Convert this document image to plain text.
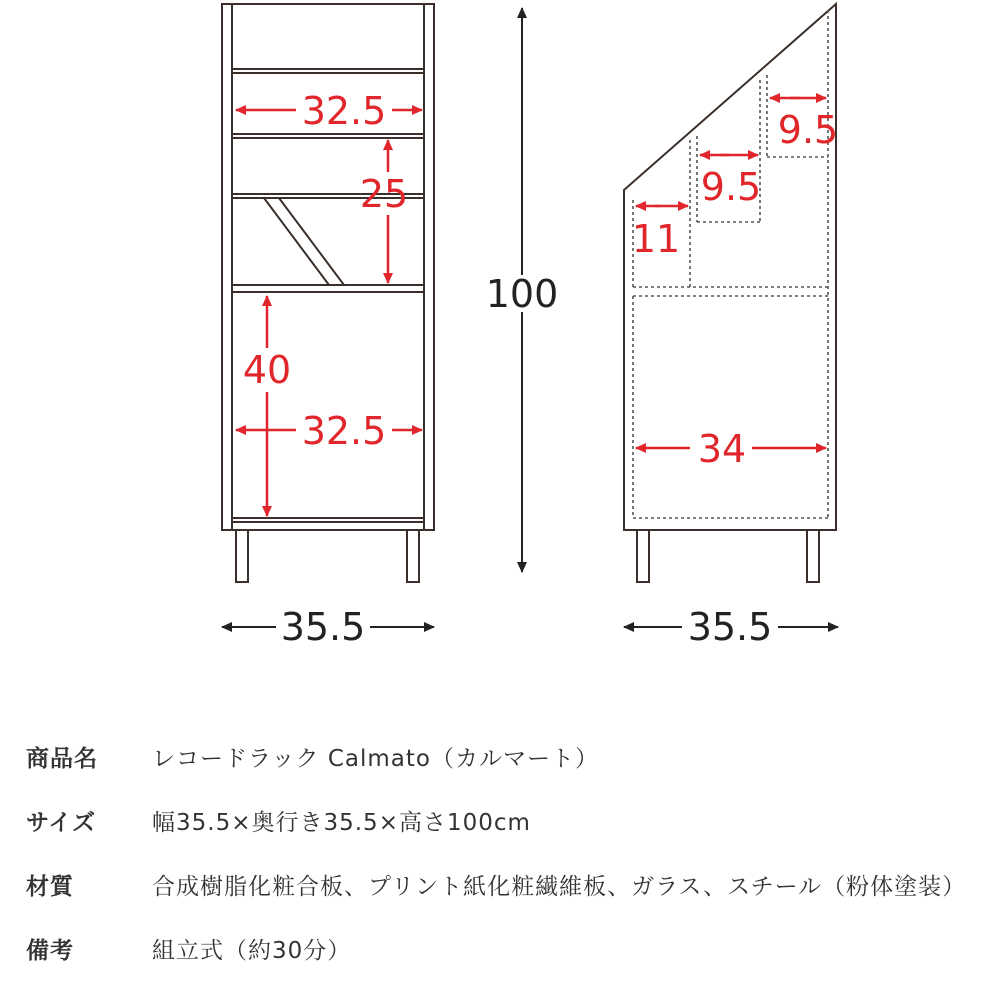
32.5
25
40
32.5
100
35.5
9.5
9.5
11
34
35.5
商品名	レコードラック Calmato（カルマート）
サイズ	幅35.5×奥行き35.5×高さ100cm
材質	合成樹脂化粧合板、プリント紙化粧繊維板、ガラス、スチール（粉体塗装）
備考	組立式（約30分）
